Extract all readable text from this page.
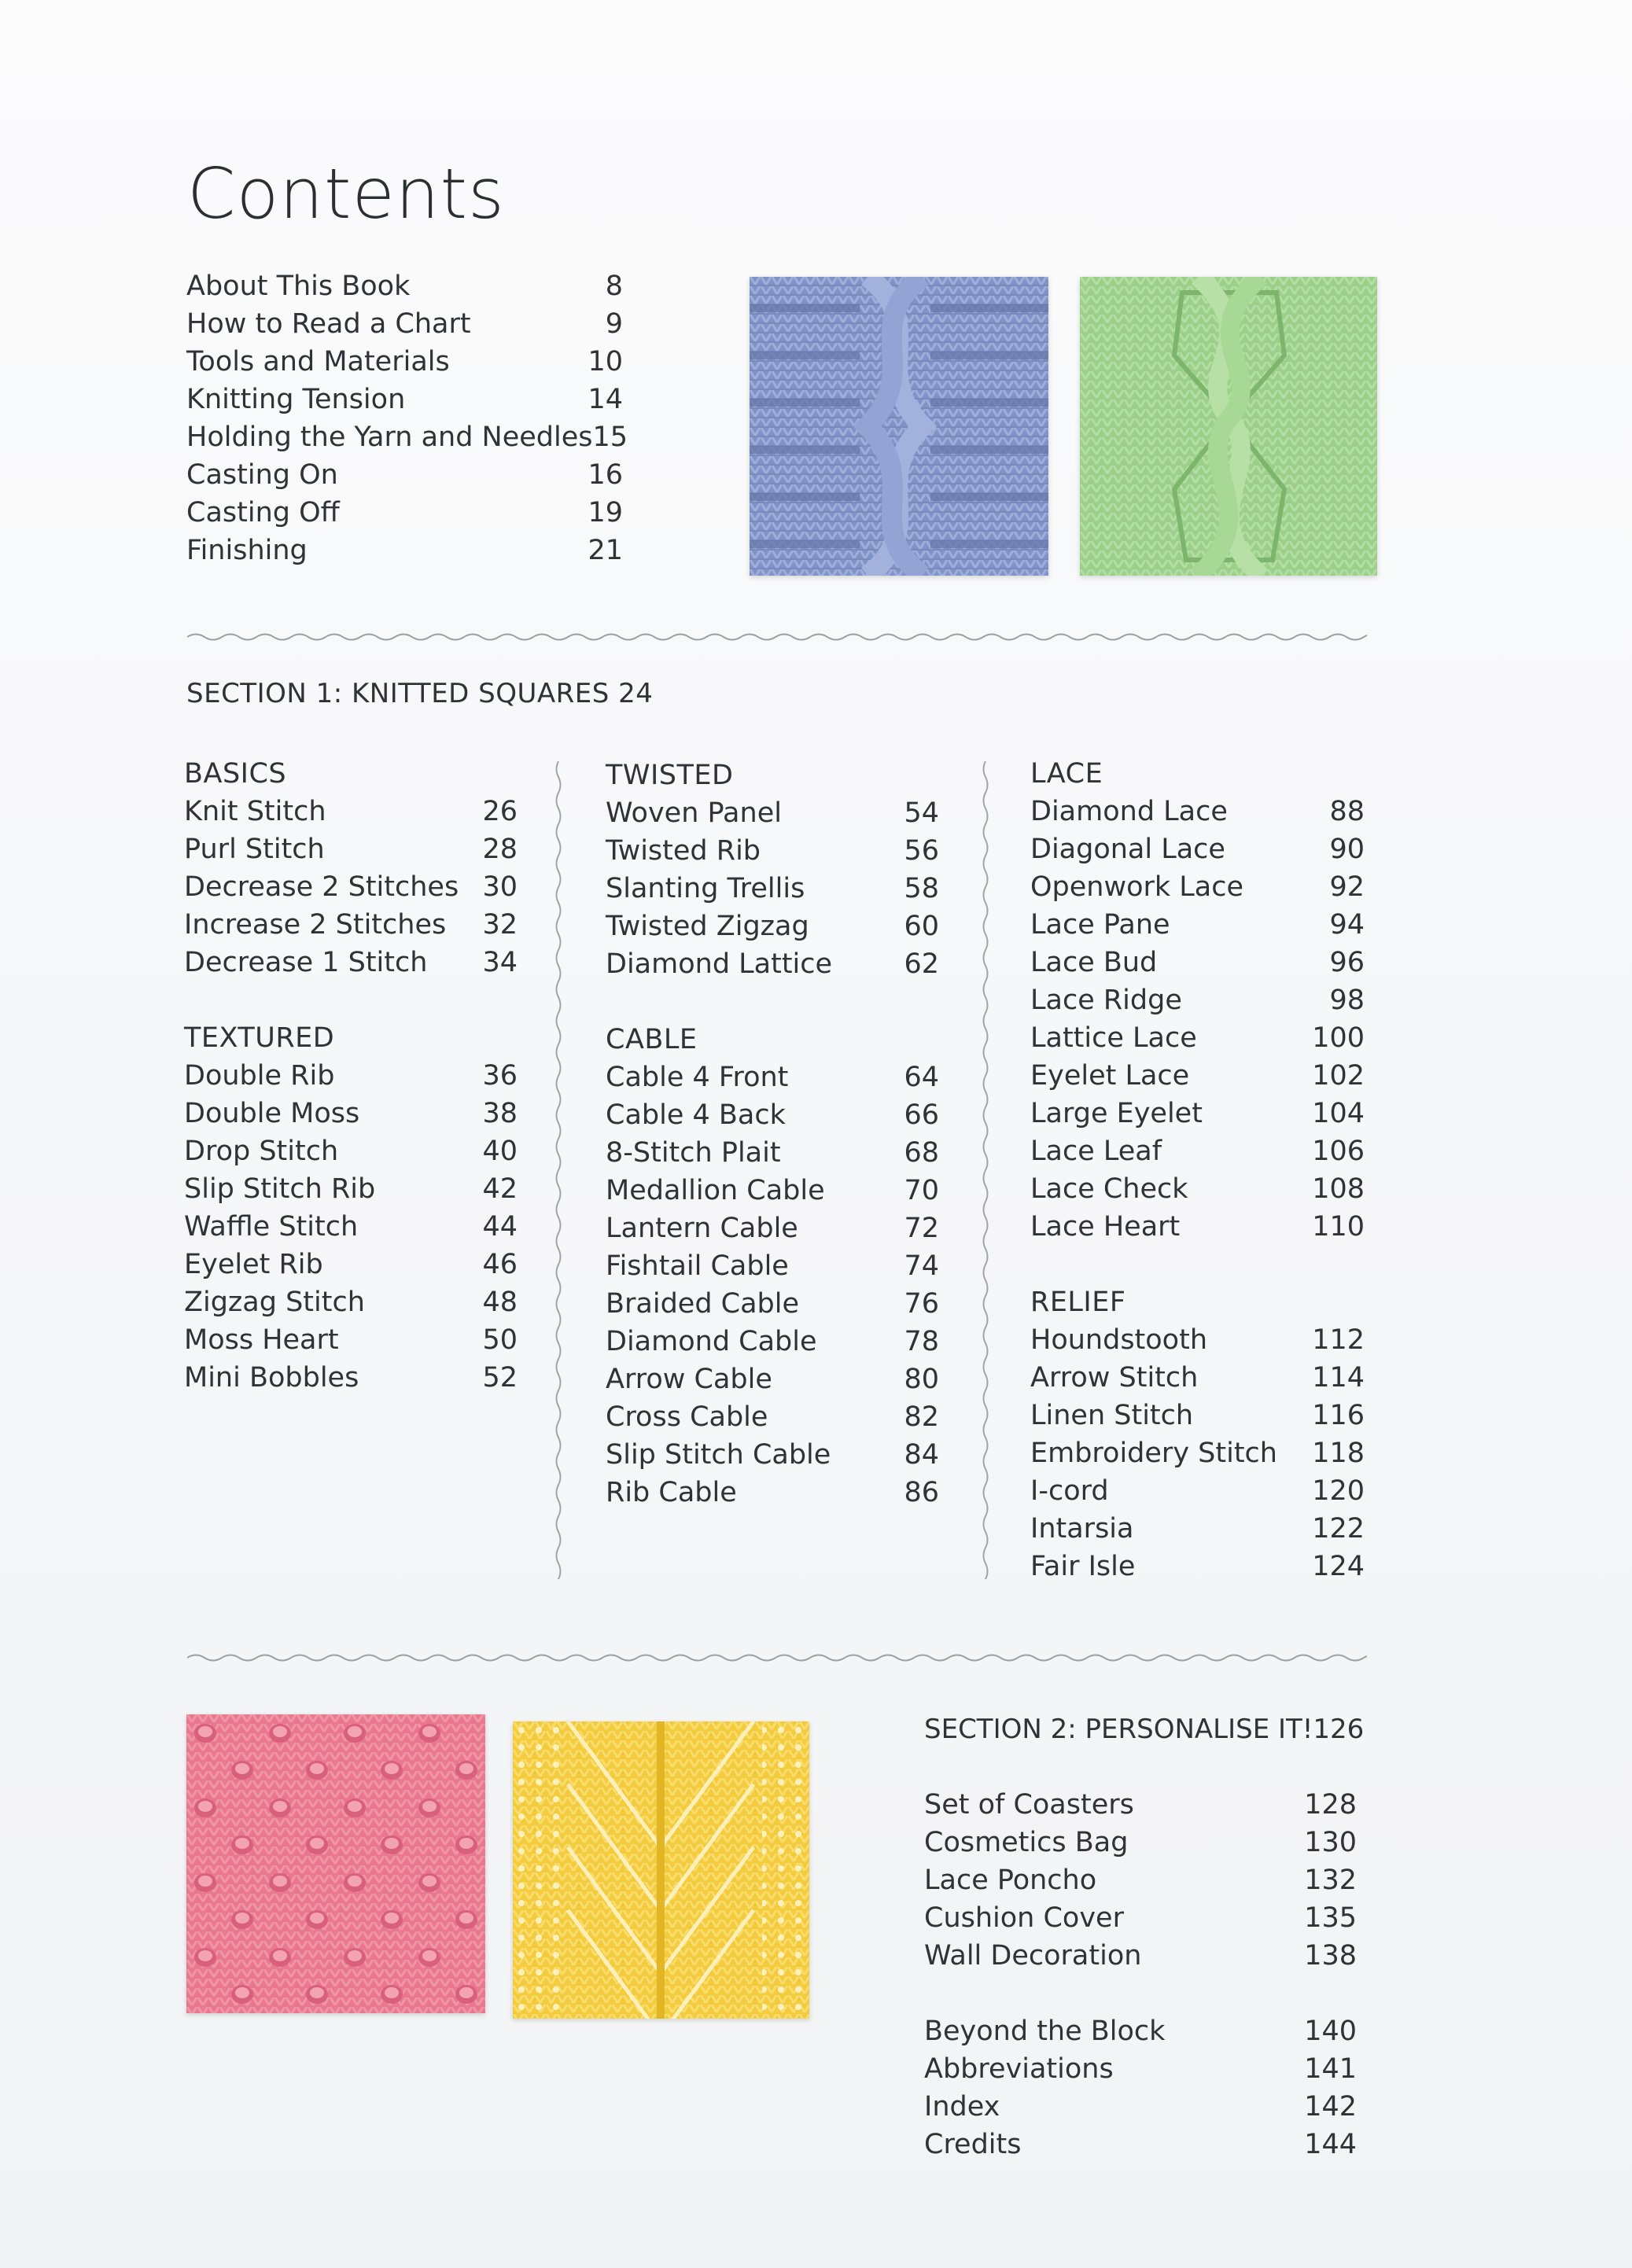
Contents
About This Book	8
How to Read a Chart	9
Tools and Materials	10
Knitting Tension	14
Holding the Yarn and Needles 15
Casting On	16
Casting Off	19
Finishing	21
SECTION 1: KNITTED SQUARES 24
BASICS
Knit Stitch	26
Purl Stitch	28
Decrease 2 Stitches 30
Increase 2 Stitches 32
Decrease 1 Stitch 34
TEXTURED
Double Rib	36
Double Moss	38
Drop Stitch	40
Slip Stitch Rib	42
Waffle Stitch	44
Eyelet Rib	46
Zigzag Stitch	48
Moss Heart	50
Mini Bobbles	52
TWISTED
Woven Panel	54
Twisted Rib	56
Slanting Trellis	58
Twisted Zigzag	60
Diamond Lattice	62
CABLE
Cable 4 Front	64
Cable 4 Back	66
8-Stitch Plait	68
Medallion Cable	70
Lantern Cable	72
Fishtail Cable	74
Braided Cable	76
Diamond Cable	78
Arrow Cable	80
Cross Cable	82
Slip Stitch Cable	84
Rib Cable	86
LACE
Diamond Lace	88
Diagonal Lace	90
Openwork Lace	92
Lace Pane	94
Lace Bud	96
Lace Ridge	98
Lattice Lace	100
Eyelet Lace	102
Large Eyelet	104
Lace Leaf	106
Lace Check	108
Lace Heart	110
RELIEF
Houndstooth	112
Arrow Stitch	114
Linen Stitch	116
Embroidery Stitch 118
I-cord	120
Intarsia	122
Fair Isle	124
SECTION 2: PERSONALISE IT! 126
Set of Coasters	128
Cosmetics Bag	130
Lace Poncho	132
Cushion Cover	135
Wall Decoration	138
Beyond the Block	140
Abbreviations	141
Index	142
Credits	144
